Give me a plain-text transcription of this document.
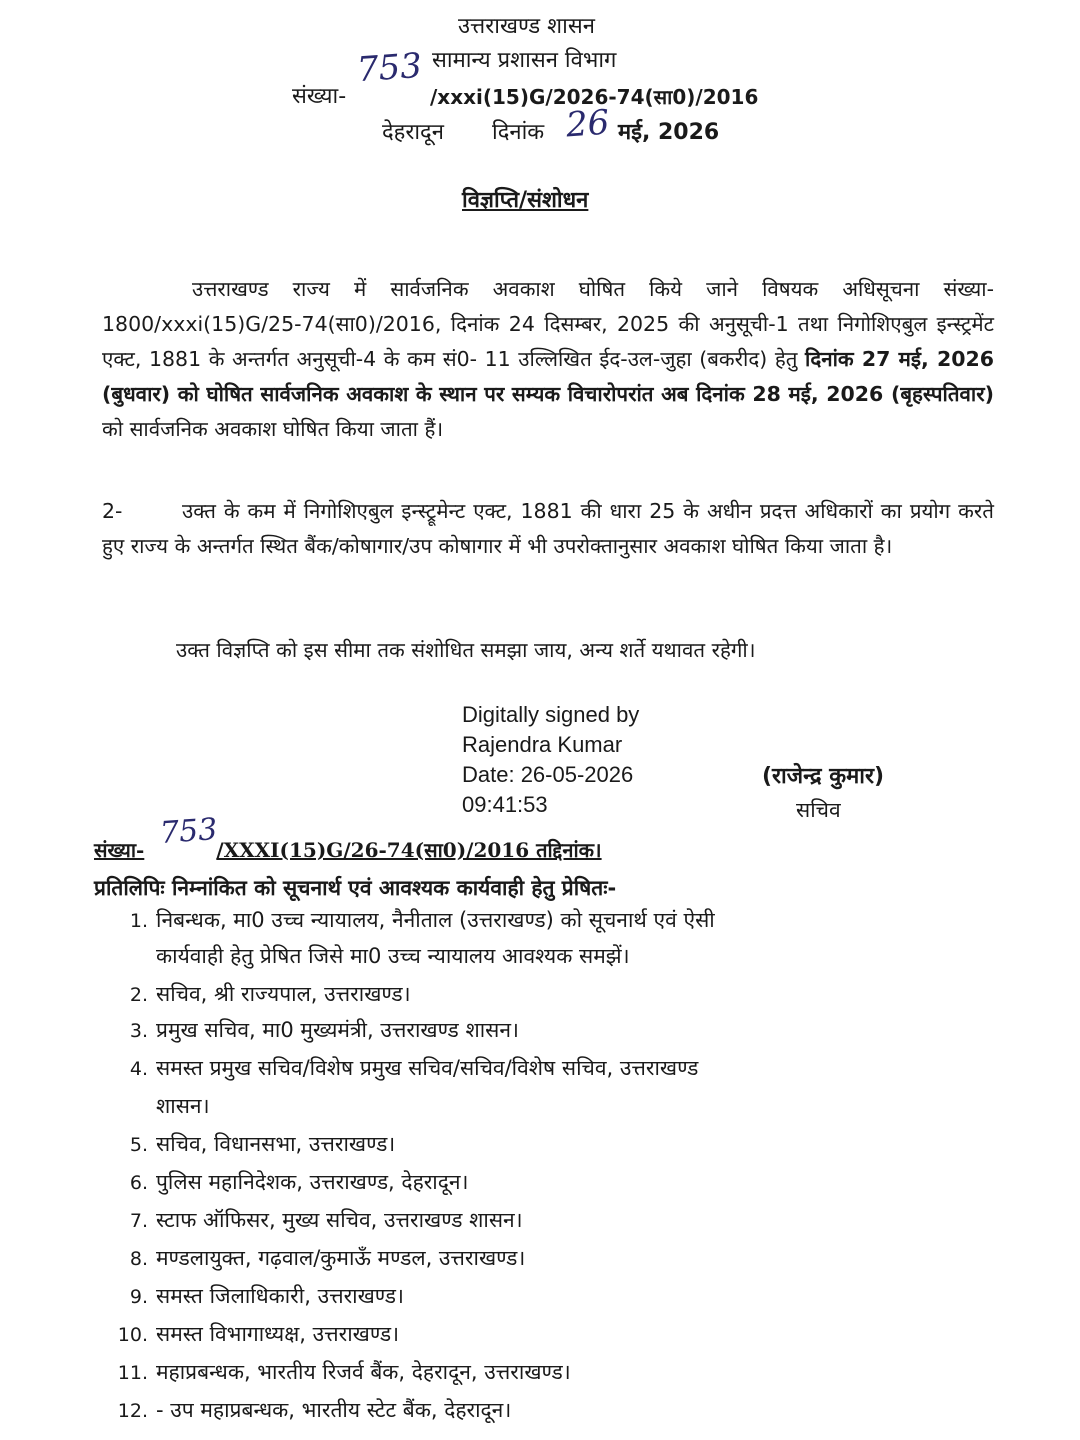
उत्तराखण्ड शासन
सामान्य प्रशासन विभाग
संख्या-
753
/xxxi(15)G/2026-74(सा0)/2016
देहरादून दिनांक 26 मई, 2026
विज्ञप्ति/संशोधन

उत्तराखण्ड राज्य में सार्वजनिक अवकाश घोषित किये जाने विषयक अधिसूचना संख्या- 1800/xxxi(15)G/25-74(सा0)/2016, दिनांक 24 दिसम्बर, 2025 की अनुसूची-1 तथा निगोशिएबुल इन्स्ट्रमेंट एक्ट, 1881 के अन्तर्गत अनुसूची-4 के कम सं0- 11 उल्लिखित ईद-उल-जुहा (बकरीद) हेतु दिनांक 27 मई, 2026 (बुधवार) को घोषित सार्वजनिक अवकाश के स्थान पर सम्यक विचारोपरांत अब दिनांक 28 मई, 2026 (बृहस्पतिवार) को सार्वजनिक अवकाश घोषित किया जाता हैं।

2-	उक्त के कम में निगोशिएबुल इन्स्ट्रूमेन्ट एक्ट, 1881 की धारा 25 के अधीन प्रदत्त अधिकारों का प्रयोग करते हुए राज्य के अन्तर्गत स्थित बैंक/कोषागार/उप कोषागार में भी उपरोक्तानुसार अवकाश घोषित किया जाता है।

उक्त विज्ञप्ति को इस सीमा तक संशोधित समझा जाय, अन्य शर्ते यथावत रहेगी।
Digitally signed by
Rajendra Kumar
Date: 26-05-2026
09:41:53
(राजेन्द्र कुमार)
सचिव
संख्या-	/XXXI(15)G/26-74(सा0)/2016 तद्दिनांक।
753
प्रतिलिपिः निम्नांकित को सूचनार्थ एवं आवश्यक कार्यवाही हेतु प्रेषितः-
1. निबन्धक, मा0 उच्च न्यायालय, नैनीताल (उत्तराखण्ड) को सूचनार्थ एवं ऐसी
कार्यवाही हेतु प्रेषित जिसे मा0 उच्च न्यायालय आवश्यक समझें।
2. सचिव, श्री राज्यपाल, उत्तराखण्ड।
3. प्रमुख सचिव, मा0 मुख्यमंत्री, उत्तराखण्ड शासन।
4. समस्त प्रमुख सचिव/विशेष प्रमुख सचिव/सचिव/विशेष सचिव, उत्तराखण्ड
शासन।
5. सचिव, विधानसभा, उत्तराखण्ड।
6. पुलिस महानिदेशक, उत्तराखण्ड, देहरादून।
7. स्टाफ ऑफिसर, मुख्य सचिव, उत्तराखण्ड शासन।
8. मण्डलायुक्त, गढ़वाल/कुमाऊँ मण्डल, उत्तराखण्ड।
9. समस्त जिलाधिकारी, उत्तराखण्ड।
10. समस्त विभागाध्यक्ष, उत्तराखण्ड।
11. महाप्रबन्धक, भारतीय रिजर्व बैंक, देहरादून, उत्तराखण्ड।
12. - उप महाप्रबन्धक, भारतीय स्टेट बैंक, देहरादून।
